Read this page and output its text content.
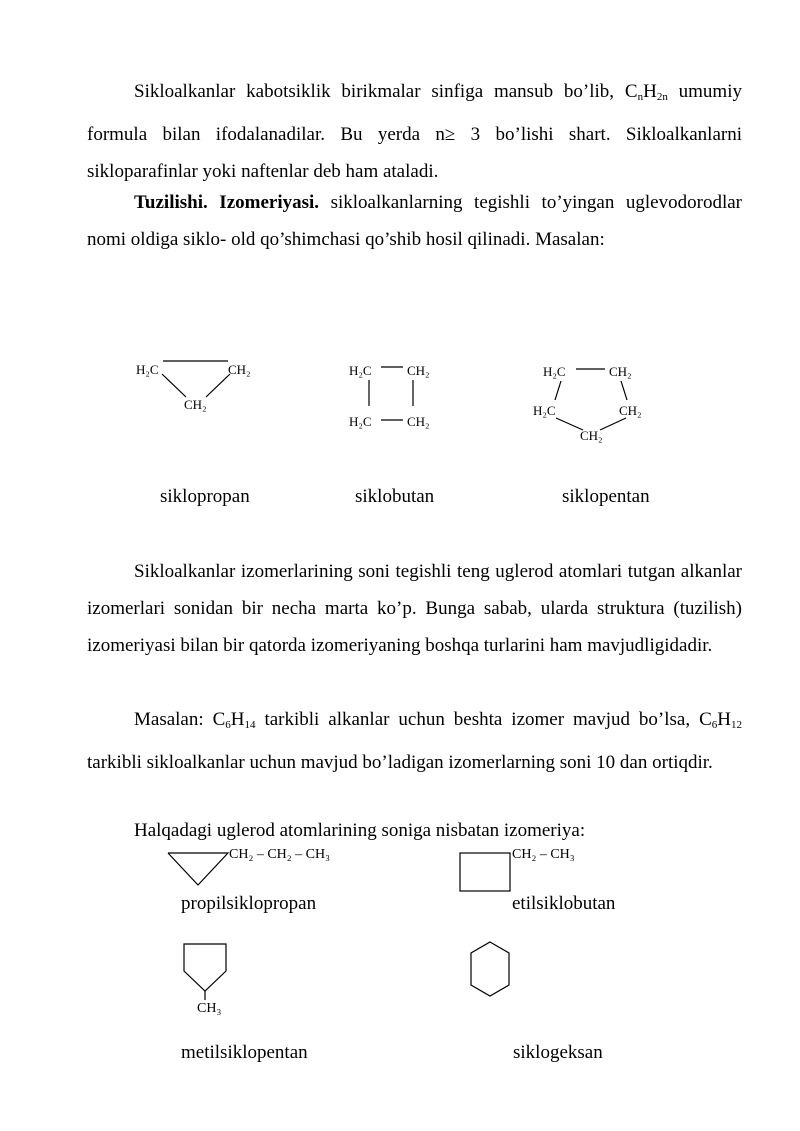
Sikloalkanlar kabotsiklik birikmalar sinfiga mansub bo’lib, $C_nH_{2n}$ umumiy formula bilan ifodalanadilar. Bu yerda n≥ 3 bo’lishi shart. Sikloalkanlarni sikloparafinlar yoki naftenlar deb ham ataladi.

Tuzilishi. Izomeriyasi. sikloalkanlarning tegishli to’yingan uglevodorodlar nomi oldiga siklo- old qo’shimchasi qo’shib hosil qilinadi. Masalan:

H₂C	CH₂
CH₂
H₂C	CH₂
H₂C	CH₂
H₂C	CH₂
H₂C	CH₂
CH₂
CH₂ – CH₂ – CH₃	CH₂ – CH₃
CH₃
siklopropan	siklobutan	siklopentan

Sikloalkanlar izomerlarining soni tegishli teng uglerod atomlari tutgan alkanlar izomerlari sonidan bir necha marta ko’p. Bunga sabab, ularda struktura (tuzilish) izomeriyasi bilan bir qatorda izomeriyaning boshqa turlarini ham mavjudligidadir.

Masalan: $C_6H_{14}$ tarkibli alkanlar uchun beshta izomer mavjud bo’lsa, $C_6H_{12}$ tarkibli sikloalkanlar uchun mavjud bo’ladigan izomerlarning soni 10 dan ortiqdir.

Halqadagi uglerod atomlarining soniga nisbatan izomeriya:

propilsiklopropan	etilsiklobutan
metilsiklopentan	siklogeksan
